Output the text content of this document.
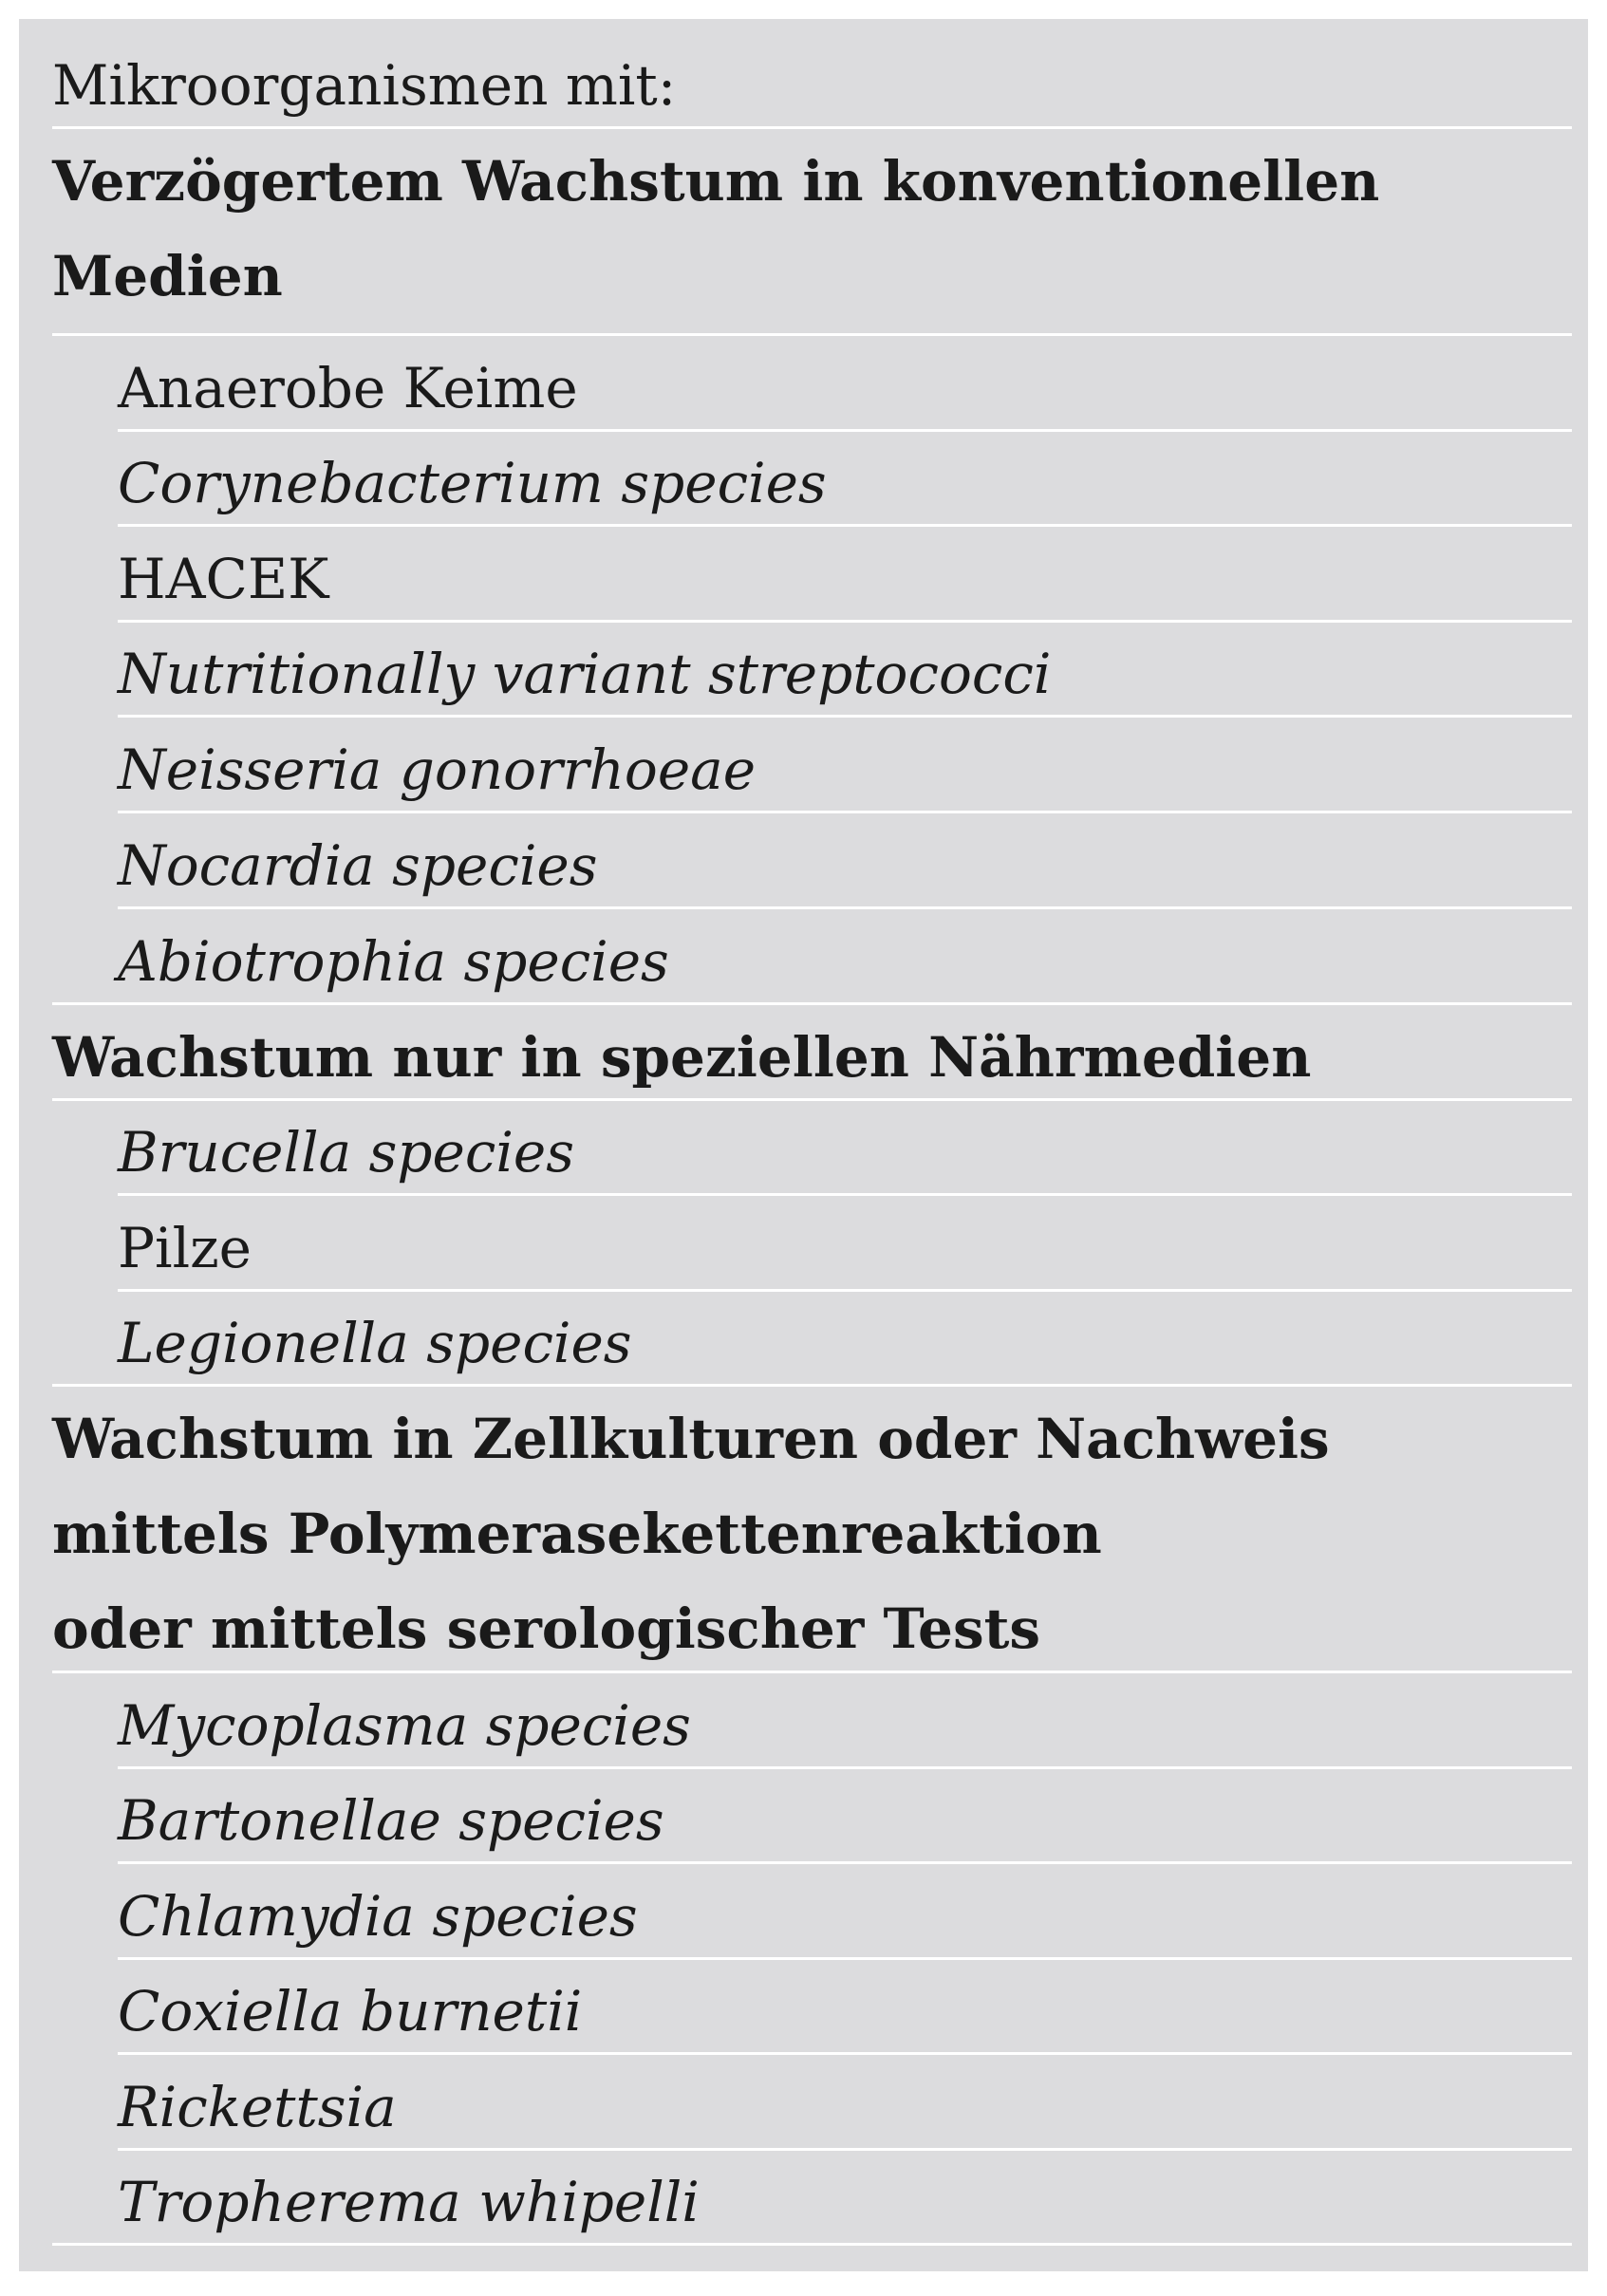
Mikroorganismen mit:
Verzögertem Wachstum in konventionellen
Medien
Anaerobe Keime
Corynebacterium species
HACEK
Nutritionally variant streptococci
Neisseria gonorrhoeae
Nocardia species
Abiotrophia species
Wachstum nur in speziellen Nährmedien
Brucella species
Pilze
Legionella species
Wachstum in Zellkulturen oder Nachweis
mittels Polymerasekettenreaktion
oder mittels serologischer Tests
Mycoplasma species
Bartonellae species
Chlamydia species
Coxiella burnetii
Rickettsia
Tropherema whipelli
